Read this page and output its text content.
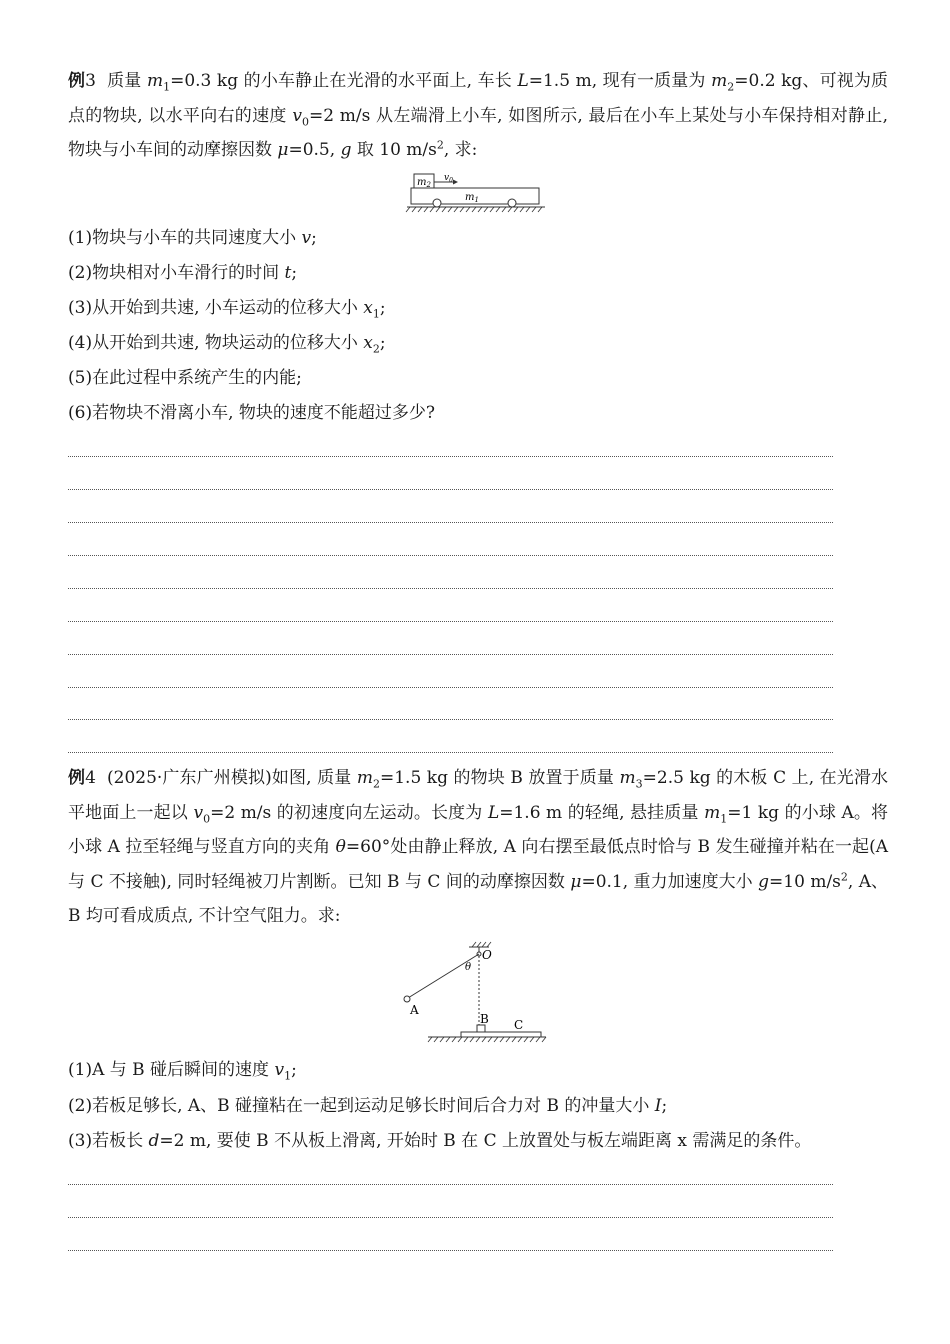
例3 质量 $m_1=0.3$ kg 的小车静止在光滑的水平面上, 车长 L=1.5 m, 现有一质量为 $m_2=0.2$ kg、可视为质点的物块, 以水平向右的速度 $v_0=2$ m/s 从左端滑上小车, 如图所示, 最后在小车上某处与小车保持相对静止, 物块与小车间的动摩擦因数 μ=0.5, g 取 10 $m/s^2$, 求:
$m_2$
$v_0$
$m_1$
(1)物块与小车的共同速度大小 v;
(2)物块相对小车滑行的时间 t;
(3)从开始到共速, 小车运动的位移大小 $x_1$;
(4)从开始到共速, 物块运动的位移大小 $x_2$;
(5)在此过程中系统产生的内能;
(6)若物块不滑离小车, 物块的速度不能超过多少?
例4 (2025·广东广州模拟)如图, 质量 $m_2=1.5$ kg 的物块 B 放置于质量 $m_3=2.5$ kg 的木板 C 上, 在光滑水平地面上一起以 $v_0=2$ m/s 的初速度向左运动。长度为 L=1.6 m 的轻绳, 悬挂质量 $m_1=1$ kg 的小球 A。将小球 A 拉至轻绳与竖直方向的夹角 θ=60°处由静止释放, A 向右摆至最低点时恰与 B 发生碰撞并粘在一起(A 与 C 不接触), 同时轻绳被刀片割断。已知 B 与 C 间的动摩擦因数 μ=0.1, 重力加速度大小 g=10 $m/s^2$, A、B 均可看成质点, 不计空气阻力。求:
O
θ
A
B C
(1)A 与 B 碰后瞬间的速度 $v_1$;
(2)若板足够长, A、B 碰撞粘在一起到运动足够长时间后合力对 B 的冲量大小 I;
(3)若板长 d=2 m, 要使 B 不从板上滑离, 开始时 B 在 C 上放置处与板左端距离 x 需满足的条件。
